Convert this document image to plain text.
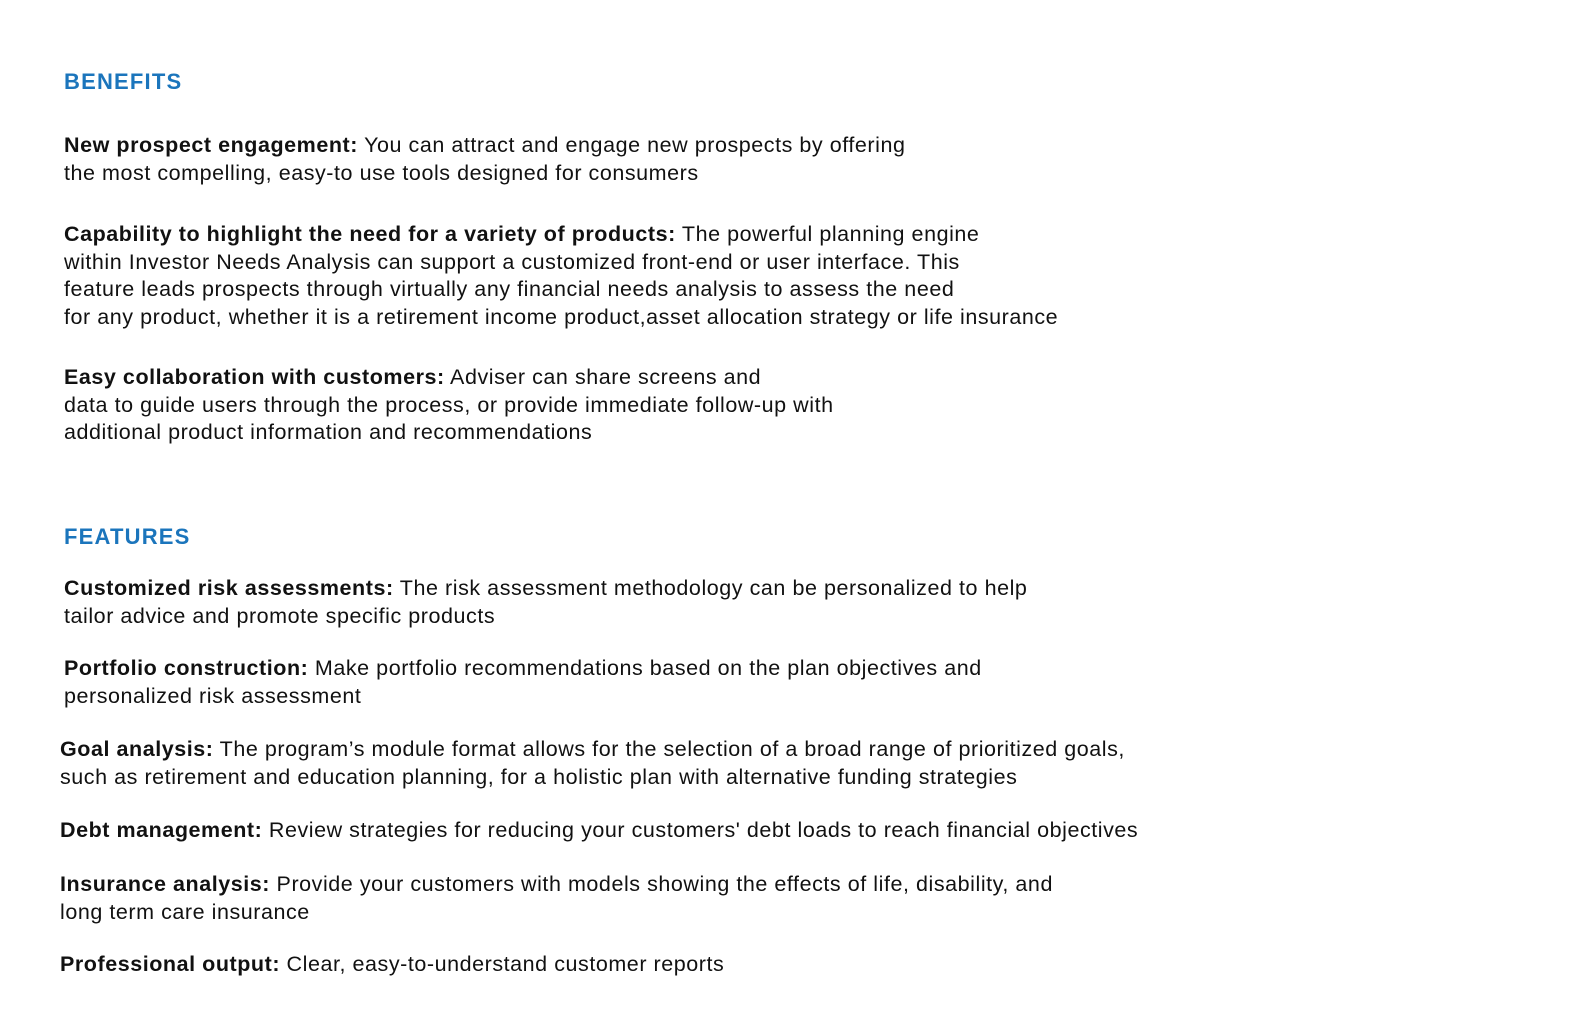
BENEFITS

New prospect engagement: You can attract and engage new prospects by offering
the most compelling, easy-to use tools designed for consumers

Capability to highlight the need for a variety of products: The powerful planning engine
within Investor Needs Analysis can support a customized front-end or user interface. This
feature leads prospects through virtually any financial needs analysis to assess the need
for any product, whether it is a retirement income product,asset allocation strategy or life insurance

Easy collaboration with customers: Adviser can share screens and
data to guide users through the process, or provide immediate follow-up with
additional product information and recommendations

FEATURES

Customized risk assessments: The risk assessment methodology can be personalized to help
tailor advice and promote specific products

Portfolio construction: Make portfolio recommendations based on the plan objectives and
personalized risk assessment

Goal analysis: The program’s module format allows for the selection of a broad range of prioritized goals,
such as retirement and education planning, for a holistic plan with alternative funding strategies

Debt management: Review strategies for reducing your customers' debt loads to reach financial objectives

Insurance analysis: Provide your customers with models showing the effects of life, disability, and
long term care insurance

Professional output: Clear, easy-to-understand customer reports
